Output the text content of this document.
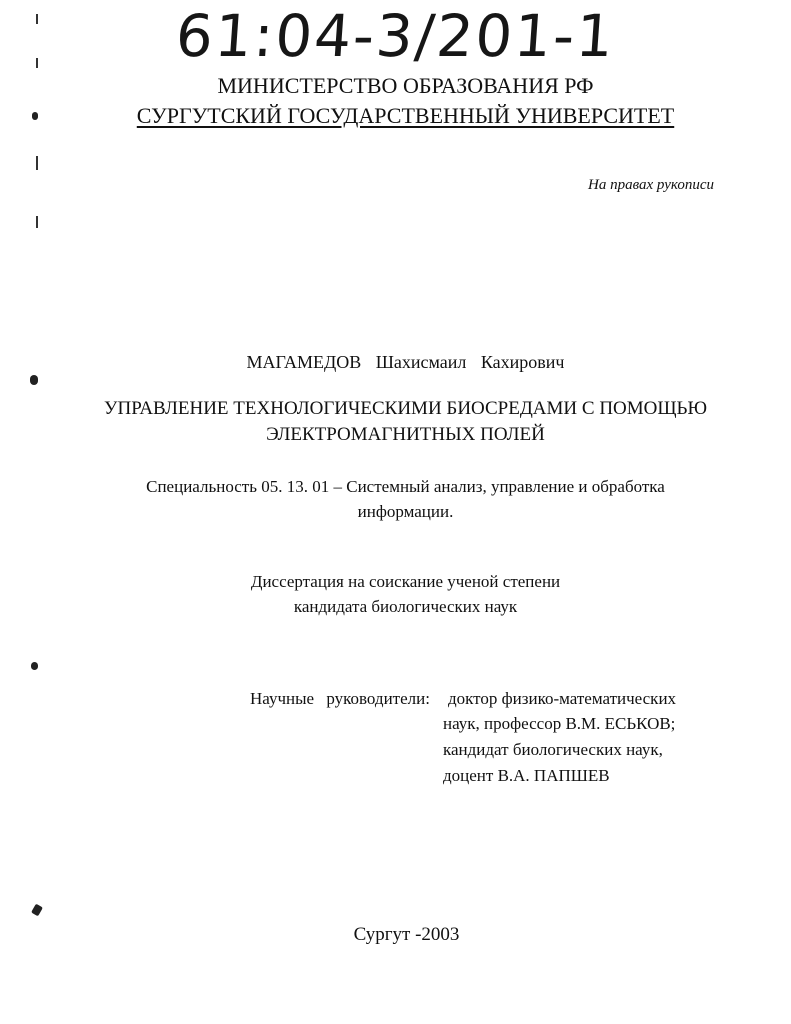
61:04-3/201-1
МИНИСТЕРСТВО ОБРАЗОВАНИЯ РФ
СУРГУТСКИЙ ГОСУДАРСТВЕННЫЙ УНИВЕРСИТЕТ
На правах рукописи
МАГАМЕДОВ Шахисмаил Кахирович
УПРАВЛЕНИЕ ТЕХНОЛОГИЧЕСКИМИ БИОСРЕДАМИ С ПОМОЩЬЮ
ЭЛЕКТРОМАГНИТНЫХ ПОЛЕЙ
Специальность 05. 13. 01 – Системный анализ, управление и обработка
информации.
Диссертация на соискание ученой степени
кандидата биологических наук
Научные руководители: доктор физико-математических
наук, профессор В.М. ЕСЬКОВ;
кандидат биологических наук,
доцент В.А. ПАПШЕВ
Сургут -2003
